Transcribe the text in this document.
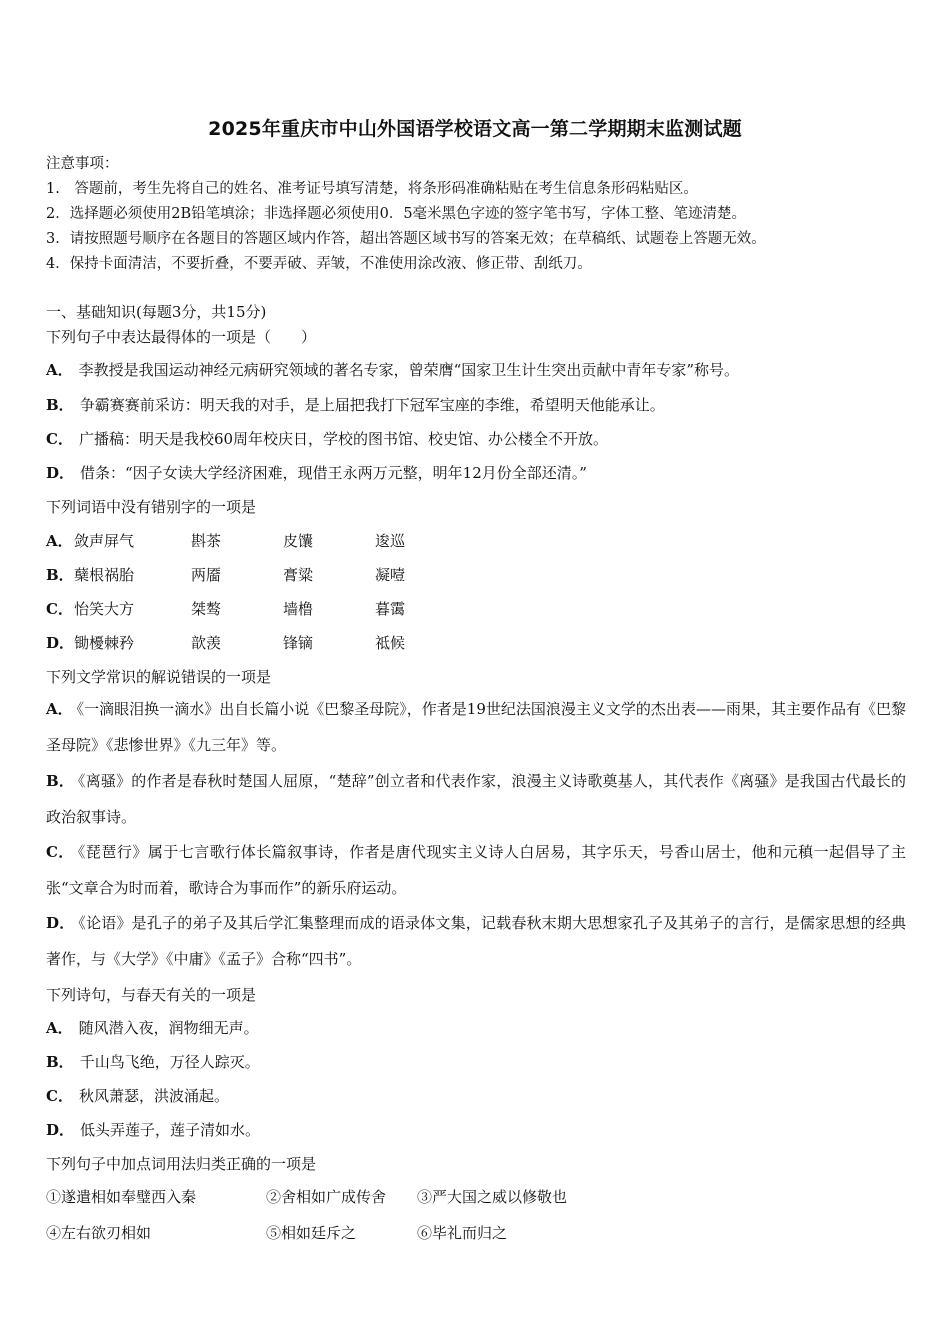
2025年重庆市中山外国语学校语文高一第二学期期末监测试题
注意事项：
1.　答题前，考生先将自己的姓名、准考证号填写清楚，将条形码准确粘贴在考生信息条形码粘贴区。
2．选择题必须使用2B铅笔填涂；非选择题必须使用0．5毫米黑色字迹的签字笔书写，字体工整、笔迹清楚。
3．请按照题号顺序在各题目的答题区域内作答，超出答题区域书写的答案无效；在草稿纸、试题卷上答题无效。
4．保持卡面清洁，不要折叠，不要弄破、弄皱，不准使用涂改液、修正带、刮纸刀。
一、基础知识(每题3分，共15分)
下列句子中表达最得体的一项是（　　）
A． 李教授是我国运动神经元病研究领域的著名专家，曾荣膺“国家卫生计生突出贡献中青年专家”称号。
B． 争霸赛赛前采访：明天我的对手，是上届把我打下冠军宝座的李维，希望明天他能承让。
C． 广播稿：明天是我校60周年校庆日，学校的图书馆、校史馆、办公楼全不开放。
D． 借条：“因子女读大学经济困难，现借王永两万元整，明年12月份全部还清。”
下列词语中没有错别字的一项是
A． 敛声屏气	斟茶	皮馕	逡巡
B． 蘖根祸胎	两靥	膏粱	凝噎
C． 怡笑大方	桀骜	墙橹	暮霭
D． 锄櫌棘矜	歆羡	锋镝	祗候
下列文学常识的解说错误的一项是
A． 《一滴眼泪换一滴水》出自长篇小说《巴黎圣母院》，作者是19世纪法国浪漫主义文学的杰出表——雨果，其主要作品有《巴黎圣母院》《悲惨世界》《九三年》等。
B． 《离骚》的作者是春秋时楚国人屈原，“楚辞”创立者和代表作家，浪漫主义诗歌奠基人，其代表作《离骚》是我国古代最长的政治叙事诗。
C． 《琵琶行》属于七言歌行体长篇叙事诗，作者是唐代现实主义诗人白居易，其字乐天，号香山居士，他和元稹一起倡导了主张“文章合为时而着，歌诗合为事而作”的新乐府运动。
D． 《论语》是孔子的弟子及其后学汇集整理而成的语录体文集，记载春秋末期大思想家孔子及其弟子的言行，是儒家思想的经典著作，与《大学》《中庸》《孟子》合称“四书”。
下列诗句，与春天有关的一项是
A． 随风潜入夜，润物细无声。
B． 千山鸟飞绝，万径人踪灭。
C． 秋风萧瑟，洪波涌起。
D． 低头弄莲子，莲子清如水。
下列句子中加点词用法归类正确的一项是
①遂遣相如奉璧西入秦	②舍相如广成传舍 ③严大国之威以修敬也
④左右欲刃相如	⑤相如廷斥之	⑥毕礼而归之
